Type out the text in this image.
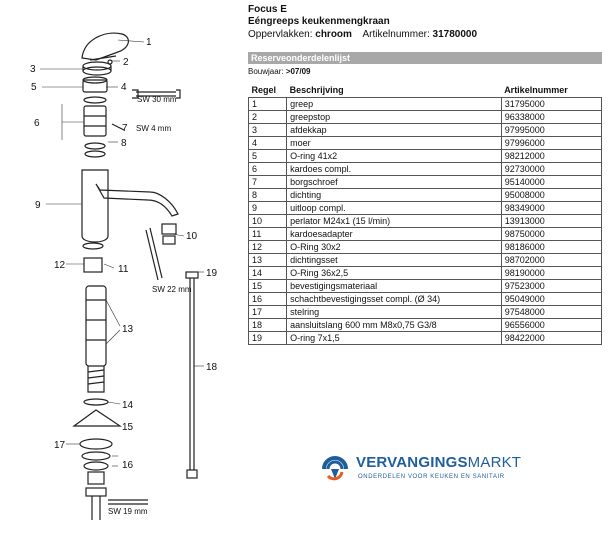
1
2
3
5	4
SW 30 mm
6	7 SW 4 mm
8
9
10
12	11
SW 22 mm
19
13
18
14
15
17
16
SW 19 mm
Focus E
Eéngreeps keukenmengkraan
Oppervlakken: chroom Artikelnummer: 31780000
Reserveonderdelenlijst
Bouwjaar: >07/09
Regel	Beschrijving	Artikelnummer
1	greep	31795000
2	greepstop	96338000
3	afdekkap	97995000
4	moer	97996000
5	O-ring 41x2	98212000
6	kardoes compl.	92730000
7	borgschroef	95140000
8	dichting	95008000
9	uitloop compl.	98349000
10	perlator M24x1 (15 l/min)	13913000
11	kardoesadapter	98750000
12	O-Ring 30x2	98186000
13	dichtingsset	98702000
14	O-Ring 36x2,5	98190000
15	bevestigingsmateriaal	97523000
16	schachtbevestigingsset compl. (Ø 34)	95049000
17	stelring	97548000
18	aansluitslang 600 mm M8x0,75 G3/8	96556000
19	O-ring 7x1,5	98422000
VERVANGINGSMARKT
ONDERDELEN VOOR KEUKEN EN SANITAIR
